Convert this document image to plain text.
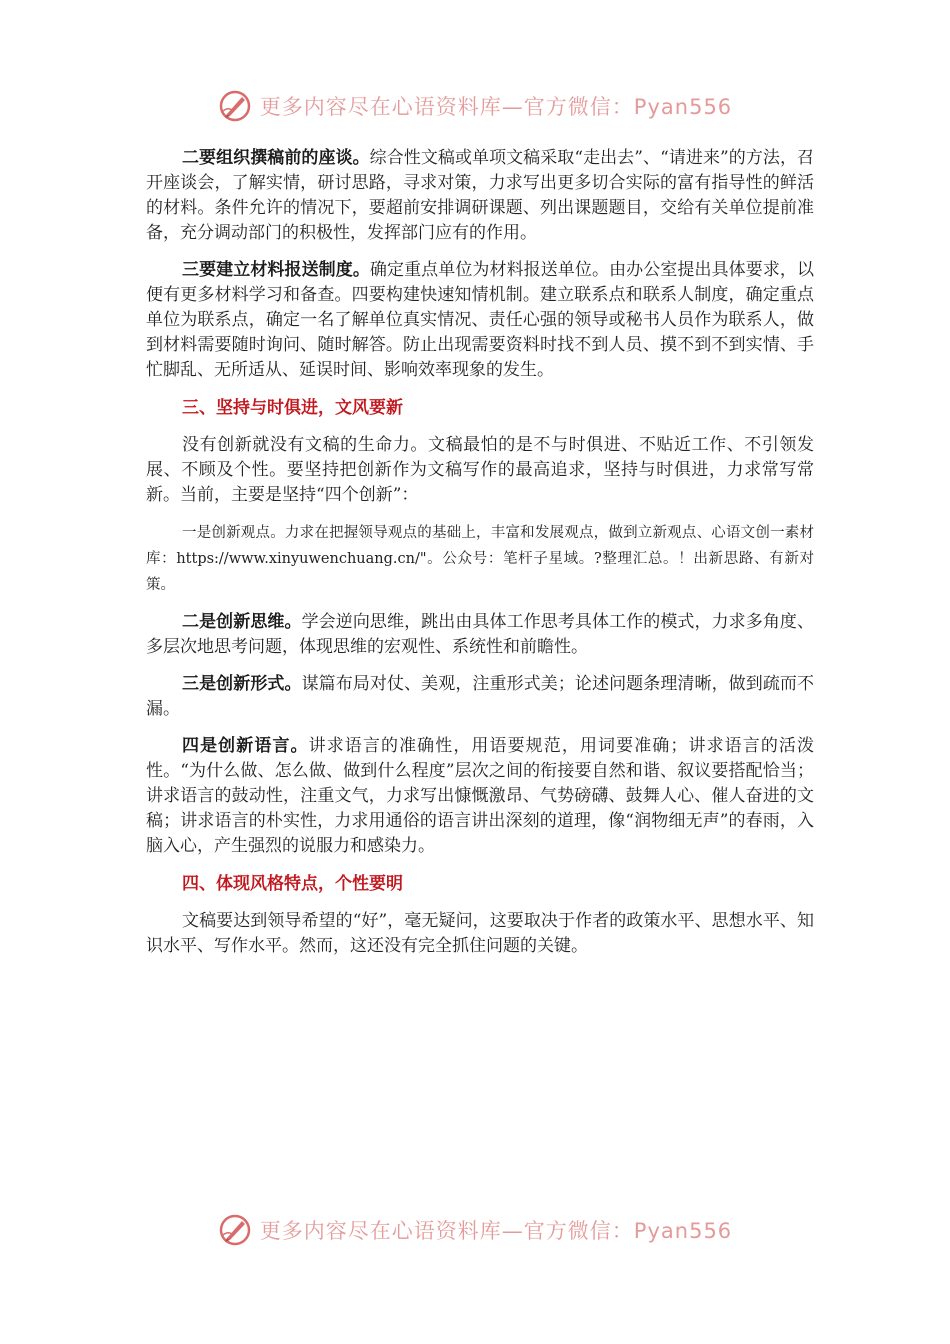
更多内容尽在心语资料库—官方微信：Pyan556

二要组织撰稿前的座谈。综合性文稿或单项文稿采取“走出去”、“请进来”的方法，召开座谈会，了解实情，研讨思路，寻求对策，力求写出更多切合实际的富有指导性的鲜活的材料。条件允许的情况下，要超前安排调研课题、列出课题题目，交给有关单位提前准备，充分调动部门的积极性，发挥部门应有的作用。

三要建立材料报送制度。确定重点单位为材料报送单位。由办公室提出具体要求，以便有更多材料学习和备查。四要构建快速知情机制。建立联系点和联系人制度，确定重点单位为联系点，确定一名了解单位真实情况、责任心强的领导或秘书人员作为联系人，做到材料需要随时询问、随时解答。防止出现需要资料时找不到人员、摸不到不到实情、手忙脚乱、无所适从、延误时间、影响效率现象的发生。

三、坚持与时俱进，文风要新

没有创新就没有文稿的生命力。文稿最怕的是不与时俱进、不贴近工作、不引领发展、不顾及个性。要坚持把创新作为文稿写作的最高追求，坚持与时俱进，力求常写常新。当前，主要是坚持“四个创新”：

一是创新观点。力求在把握领导观点的基础上，丰富和发展观点，做到立新观点、心语文创一素材库：https://www.xinyuwenchuang.cn/"。公众号：笔杆子星域。?整理汇总。！出新思路、有新对策。

二是创新思维。学会逆向思维，跳出由具体工作思考具体工作的模式，力求多角度、多层次地思考问题，体现思维的宏观性、系统性和前瞻性。

三是创新形式。谋篇布局对仗、美观，注重形式美；论述问题条理清晰，做到疏而不漏。

四是创新语言。讲求语言的准确性，用语要规范，用词要准确；讲求语言的活泼性。“为什么做、怎么做、做到什么程度”层次之间的衔接要自然和谐、叙议要搭配恰当；讲求语言的鼓动性，注重文气，力求写出慷慨激昂、气势磅礴、鼓舞人心、催人奋进的文稿；讲求语言的朴实性，力求用通俗的语言讲出深刻的道理，像“润物细无声”的春雨，入脑入心，产生强烈的说服力和感染力。

四、体现风格特点，个性要明

文稿要达到领导希望的“好”，毫无疑问，这要取决于作者的政策水平、思想水平、知识水平、写作水平。然而，这还没有完全抓住问题的关键。

更多内容尽在心语资料库—官方微信：Pyan556
